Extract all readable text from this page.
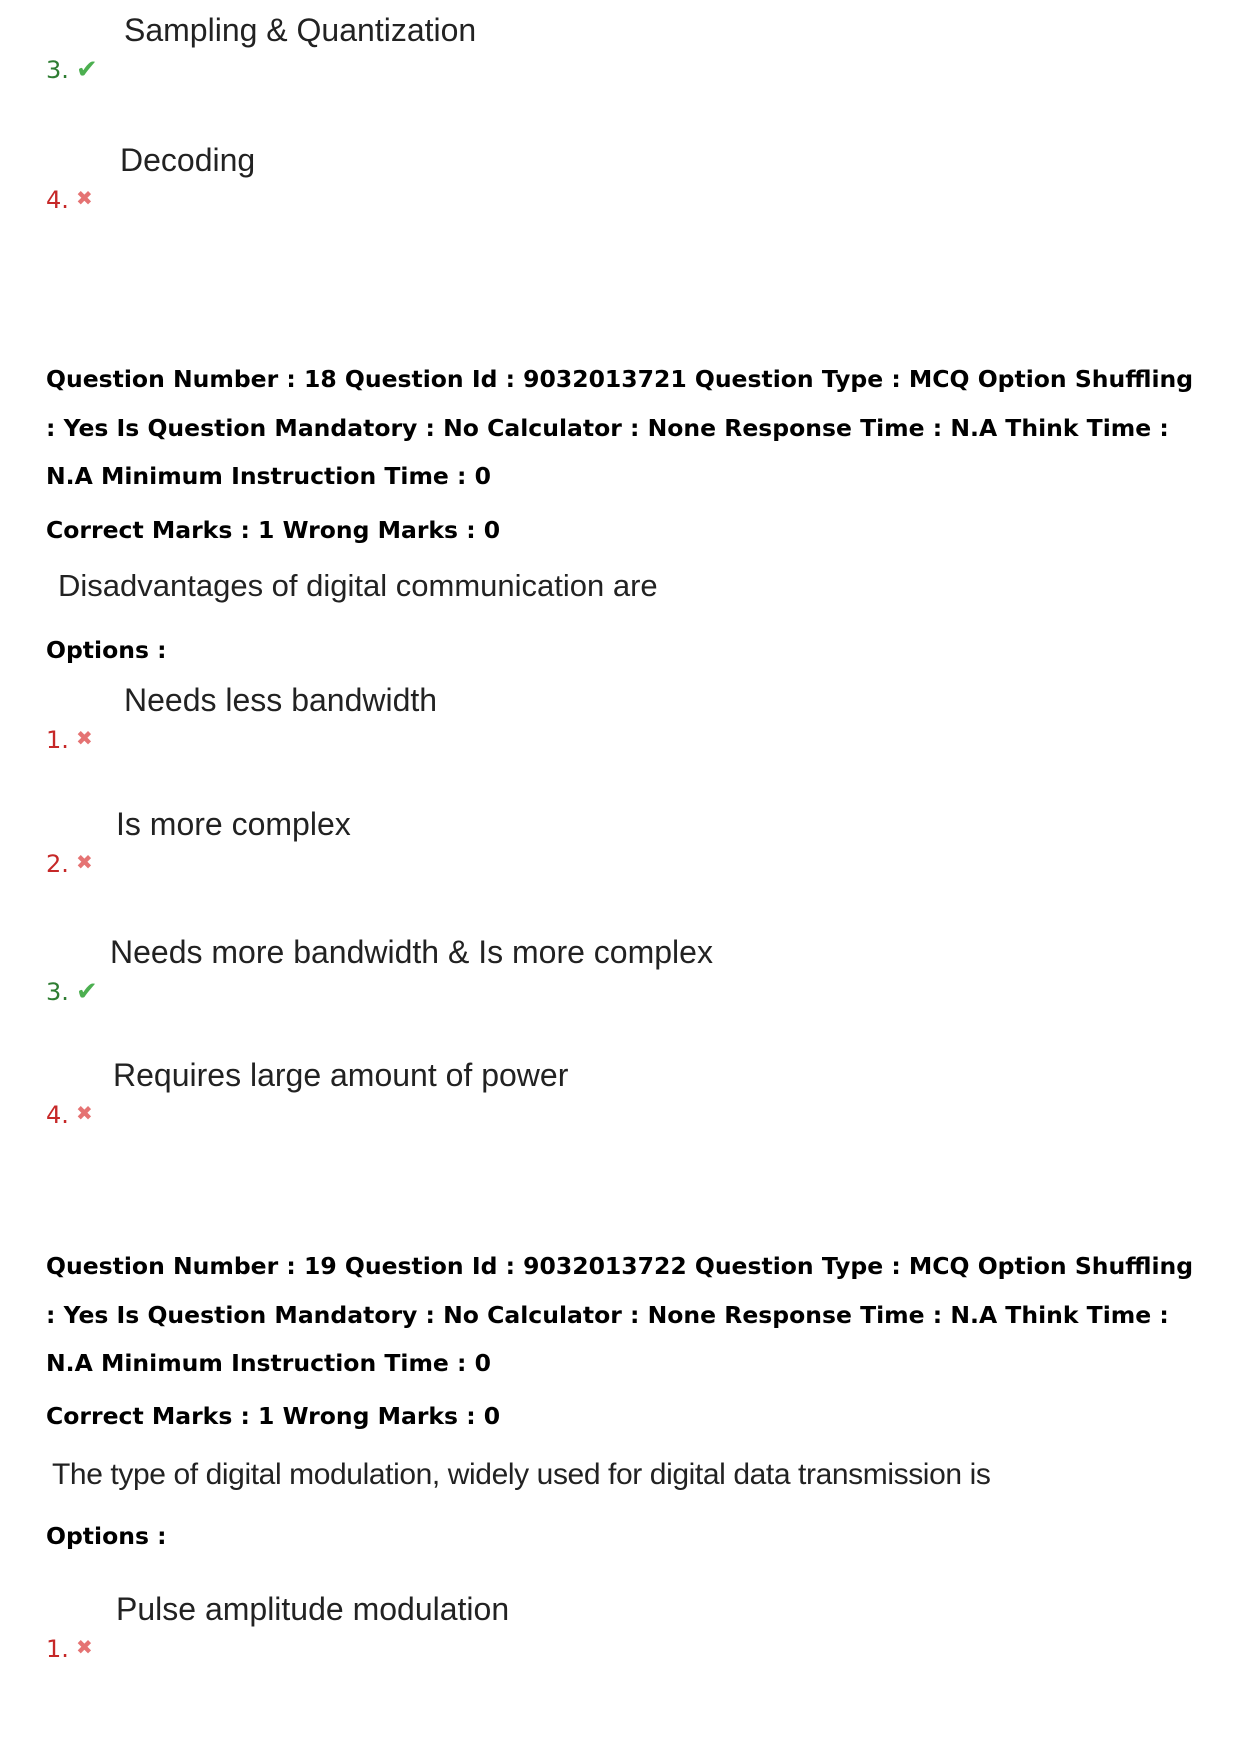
3. ✔
Sampling & Quantization
4. ✖
Decoding
Question Number : 18 Question Id : 9032013721 Question Type : MCQ Option Shuffling : Yes Is Question Mandatory : No Calculator : None Response Time : N.A Think Time : N.A Minimum Instruction Time : 0
Correct Marks : 1 Wrong Marks : 0
Disadvantages of digital communication are
Options :
1. ✖
Needs less bandwidth
2. ✖
Is more complex
3. ✔
Needs more bandwidth & Is more complex
4. ✖
Requires large amount of power
Question Number : 19 Question Id : 9032013722 Question Type : MCQ Option Shuffling : Yes Is Question Mandatory : No Calculator : None Response Time : N.A Think Time : N.A Minimum Instruction Time : 0
Correct Marks : 1 Wrong Marks : 0
The type of digital modulation, widely used for digital data transmission is
Options :
1. ✖
Pulse amplitude modulation
